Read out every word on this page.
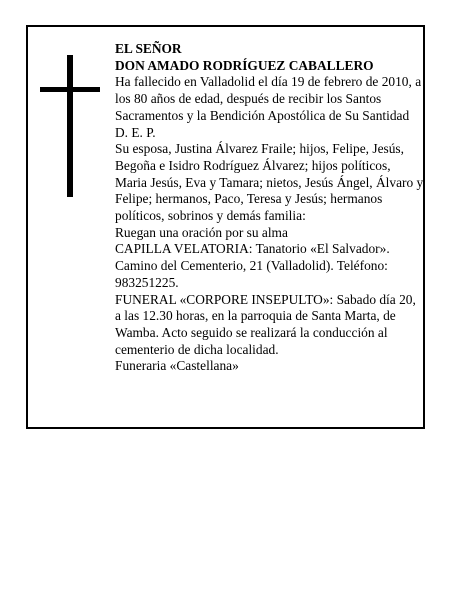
EL SEÑOR

DON AMADO RODRÍGUEZ CABALLERO

Ha fallecido en Valladolid el día 19 de febrero de 2010, a los 80 años de edad, después de recibir los Santos Sacramentos y la Bendición Apostólica de Su Santidad D. E. P.

Su esposa, Justina Álvarez Fraile; hijos, Felipe, Jesús, Begoña e Isidro Rodríguez Álvarez; hijos políticos, Maria Jesús, Eva y Tamara; nietos, Jesús Ángel, Álvaro y Felipe; hermanos, Paco, Teresa y Jesús; hermanos políticos, sobrinos y demás familia:

Ruegan una oración por su alma

CAPILLA VELATORIA: Tanatorio «El Salvador». Camino del Cementerio, 21 (Valladolid). Teléfono: 983251225.

FUNERAL «CORPORE INSEPULTO»: Sabado día 20, a las 12.30 horas, en la parroquia de Santa Marta, de Wamba. Acto seguido se realizará la conducción al cementerio de dicha localidad.

Funeraria «Castellana»
